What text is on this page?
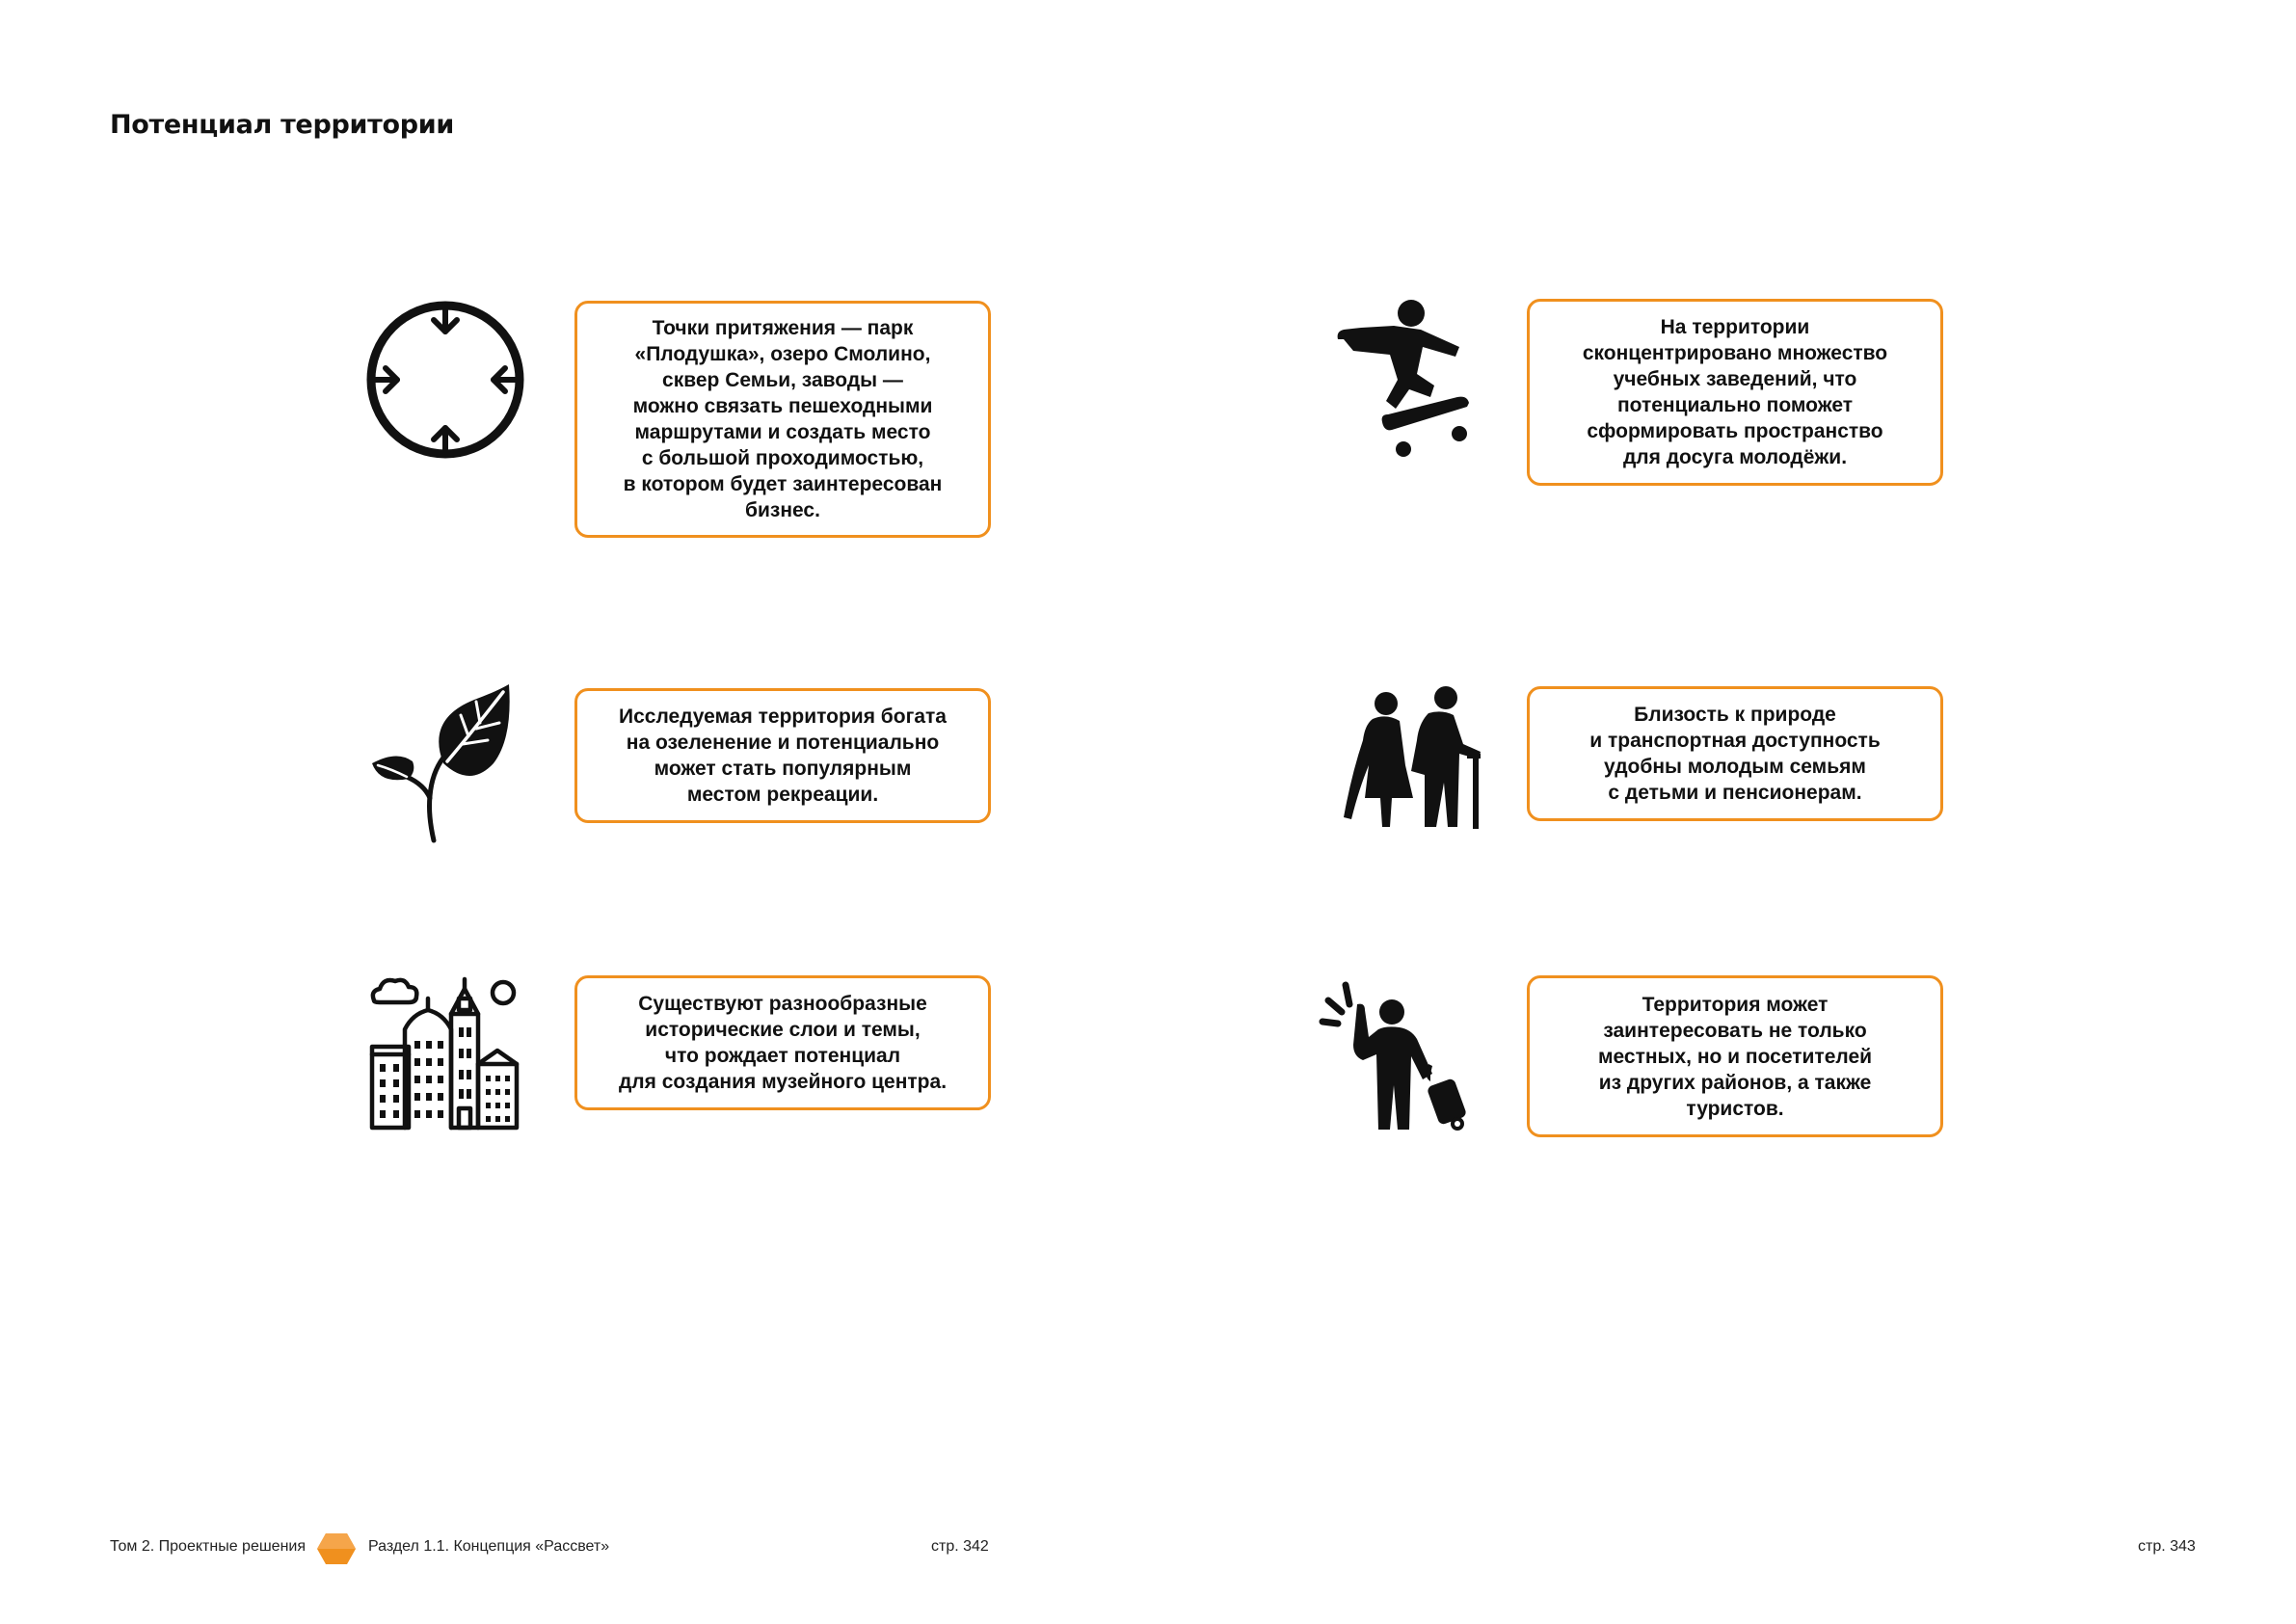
Потенциал территории
Точки притяжения — парк
«Плодушка», озеро Смолино,
сквер Семьи, заводы —
можно связать пешеходными
маршрутами и создать место
с большой проходимостью,
в котором будет заинтересован
бизнес.
На территории
сконцентрировано множество
учебных заведений, что
потенциально поможет
сформировать пространство
для досуга молодёжи.
Исследуемая территория богата
на озеленение и потенциально
может стать популярным
местом рекреации.
Близость к природе
и транспортная доступность
удобны молодым семьям
с детьми и пенсионерам.
Существуют разнообразные
исторические слои и темы,
что рождает потенциал
для создания музейного центра.
Территория может
заинтересовать не только
местных, но и посетителей
из других районов, а также
туристов.
Том 2. Проектные решения	Раздел 1.1. Концепция «Рассвет»	стр. 342	стр. 343
